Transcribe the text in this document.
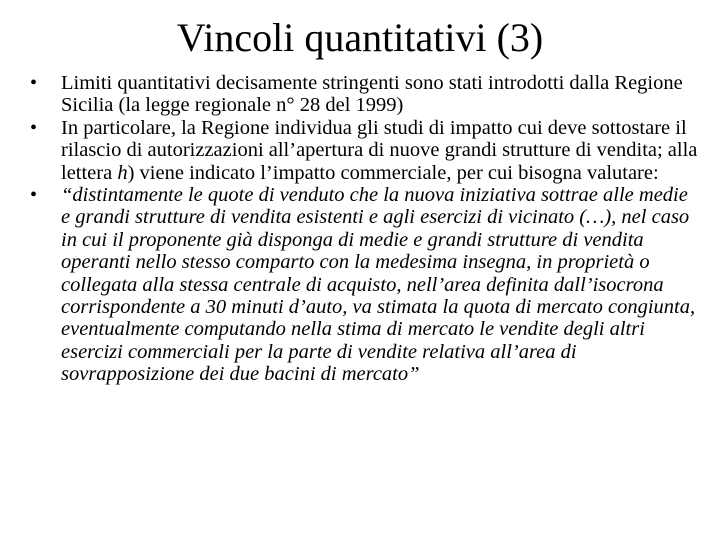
Vincoli quantitativi (3)
• Limiti quantitativi decisamente stringenti sono stati introdotti dalla Regione Sicilia (la legge regionale n° 28 del 1999)
• In particolare, la Regione individua gli studi di impatto cui deve sottostare il rilascio di autorizzazioni all’apertura di nuove grandi strutture di vendita; alla lettera h) viene indicato l’impatto commerciale, per cui bisogna valutare:
• “distintamente le quote di venduto che la nuova iniziativa sottrae alle medie e grandi strutture di vendita esistenti e agli esercizi di vicinato (…), nel caso in cui il proponente già disponga di medie e grandi strutture di vendita operanti nello stesso comparto con la medesima insegna, in proprietà o collegata alla stessa centrale di acquisto, nell’area definita dall’isocrona corrispondente a 30 minuti d’auto, va stimata la quota di mercato congiunta, eventualmente computando nella stima di mercato le vendite degli altri esercizi commerciali per la parte di vendite relativa all’area di sovrapposizione dei due bacini di mercato”
